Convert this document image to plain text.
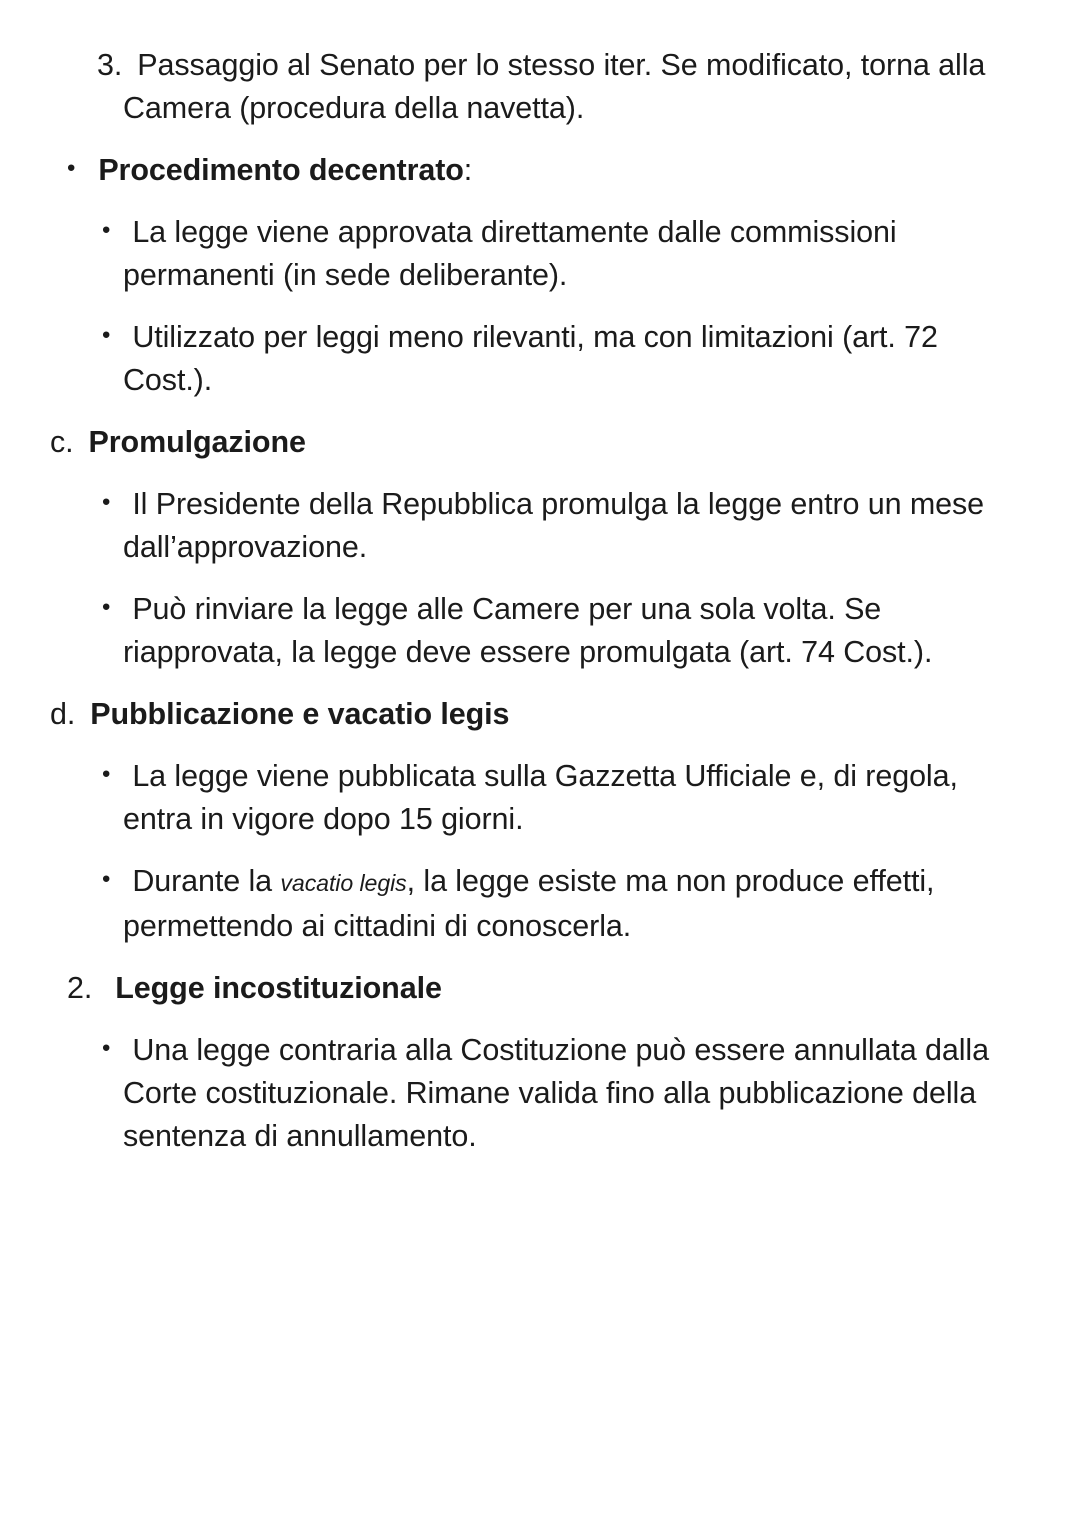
3. Passaggio al Senato per lo stesso iter. Se modificato, torna alla Camera (procedura della navetta).

• Procedimento decentrato:

• La legge viene approvata direttamente dalle commissioni permanenti (in sede deliberante).

• Utilizzato per leggi meno rilevanti, ma con limitazioni (art. 72 Cost.).

c. Promulgazione

• Il Presidente della Repubblica promulga la legge entro un mese dall’approvazione.

• Può rinviare la legge alle Camere per una sola volta. Se riapprovata, la legge deve essere promulgata (art. 74 Cost.).

d. Pubblicazione e vacatio legis

• La legge viene pubblicata sulla Gazzetta Ufficiale e, di regola, entra in vigore dopo 15 giorni.

• Durante la vacatio legis, la legge esiste ma non produce effetti, permettendo ai cittadini di conoscerla.

2. Legge incostituzionale

• Una legge contraria alla Costituzione può essere annullata dalla Corte costituzionale. Rimane valida fino alla pubblicazione della sentenza di annullamento.
